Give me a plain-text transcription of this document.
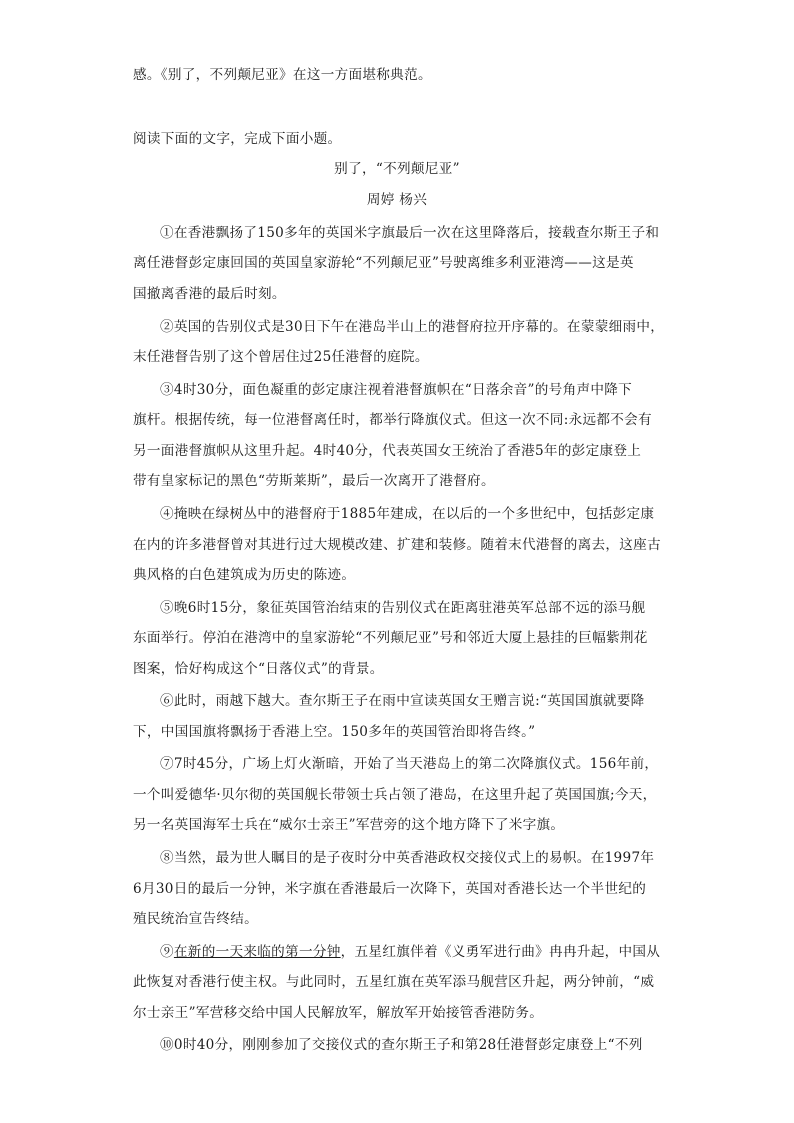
感。《别了，不列颠尼亚》在这一方面堪称典范。
阅读下面的文字，完成下面小题。
别了，“不列颠尼亚”
周婷 杨兴
①在香港飘扬了150多年的英国米字旗最后一次在这里降落后，接载查尔斯王子和
离任港督彭定康回国的英国皇家游轮“不列颠尼亚”号驶离维多利亚港湾——这是英
国撤离香港的最后时刻。
②英国的告别仪式是30日下午在港岛半山上的港督府拉开序幕的。在蒙蒙细雨中，
末任港督告别了这个曾居住过25任港督的庭院。
③4时30分，面色凝重的彭定康注视着港督旗帜在“日落余音”的号角声中降下
旗杆。根据传统，每一位港督离任时，都举行降旗仪式。但这一次不同:永远都不会有
另一面港督旗帜从这里升起。4时40分，代表英国女王统治了香港5年的彭定康登上
带有皇家标记的黑色“劳斯莱斯”，最后一次离开了港督府。
④掩映在绿树丛中的港督府于1885年建成，在以后的一个多世纪中，包括彭定康
在内的许多港督曾对其进行过大规模改建、扩建和装修。随着末代港督的离去，这座古
典风格的白色建筑成为历史的陈迹。
⑤晚6时15分，象征英国管治结束的告别仪式在距离驻港英军总部不远的添马舰
东面举行。停泊在港湾中的皇家游轮“不列颠尼亚”号和邻近大厦上悬挂的巨幅紫荆花
图案，恰好构成这个“日落仪式”的背景。
⑥此时，雨越下越大。查尔斯王子在雨中宣读英国女王赠言说:“英国国旗就要降
下，中国国旗将飘扬于香港上空。150多年的英国管治即将告终。”
⑦7时45分，广场上灯火渐暗，开始了当天港岛上的第二次降旗仪式。156年前，
一个叫爱德华·贝尔彻的英国舰长带领士兵占领了港岛，在这里升起了英国国旗;今天，
另一名英国海军士兵在“威尔士亲王”军营旁的这个地方降下了米字旗。
⑧当然，最为世人瞩目的是子夜时分中英香港政权交接仪式上的易帜。在1997年
6月30日的最后一分钟，米字旗在香港最后一次降下，英国对香港长达一个半世纪的
殖民统治宣告终结。
⑨在新的一天来临的第一分钟，五星红旗伴着《义勇军进行曲》冉冉升起，中国从
此恢复对香港行使主权。与此同时，五星红旗在英军添马舰营区升起，两分钟前，“威
尔士亲王”军营移交给中国人民解放军，解放军开始接管香港防务。
⑩0时40分，刚刚参加了交接仪式的查尔斯王子和第28任港督彭定康登上“不列
